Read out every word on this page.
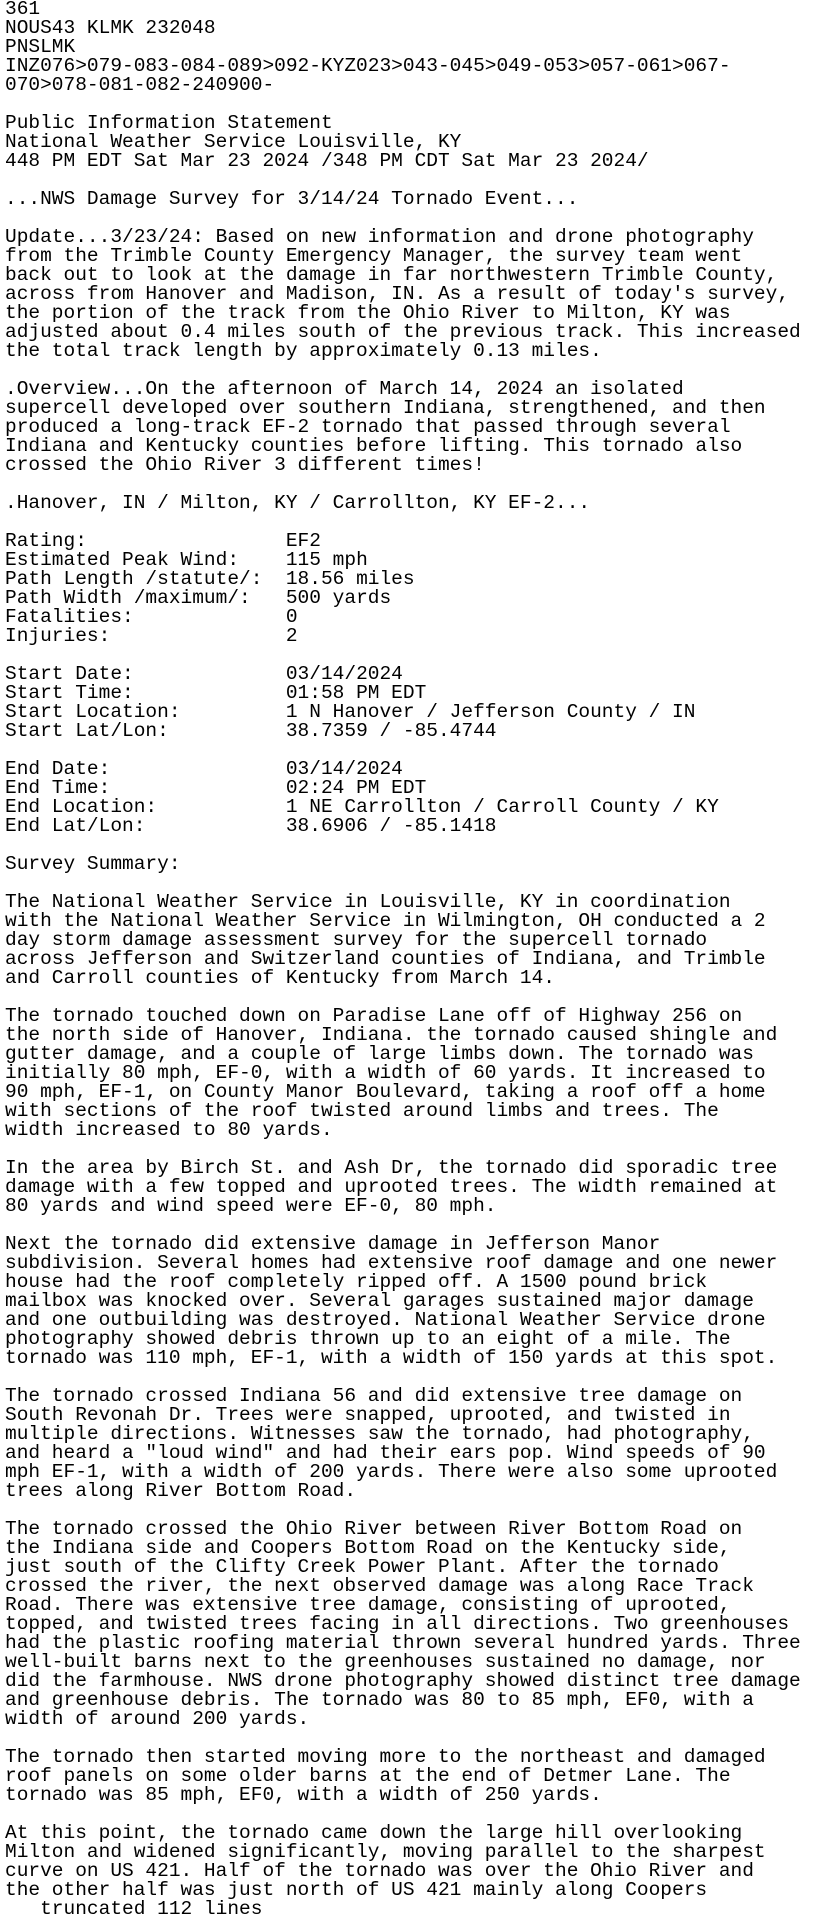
361
NOUS43 KLMK 232048
PNSLMK
INZ076>079-083-084-089>092-KYZ023>043-045>049-053>057-061>067-
070>078-081-082-240900-
Public Information Statement
National Weather Service Louisville, KY
448 PM EDT Sat Mar 23 2024 /348 PM CDT Sat Mar 23 2024/
...NWS Damage Survey for 3/14/24 Tornado Event...
Update...3/23/24: Based on new information and drone photography
from the Trimble County Emergency Manager, the survey team went
back out to look at the damage in far northwestern Trimble County,
across from Hanover and Madison, IN. As a result of today's survey,
the portion of the track from the Ohio River to Milton, KY was
adjusted about 0.4 miles south of the previous track. This increased
the total track length by approximately 0.13 miles.
.Overview...On the afternoon of March 14, 2024 an isolated
supercell developed over southern Indiana, strengthened, and then
produced a long-track EF-2 tornado that passed through several
Indiana and Kentucky counties before lifting. This tornado also
crossed the Ohio River 3 different times!
.Hanover, IN / Milton, KY / Carrollton, KY EF-2...
Rating:                 EF2
Estimated Peak Wind:    115 mph
Path Length /statute/:  18.56 miles
Path Width /maximum/:   500 yards
Fatalities:             0
Injuries:               2
Start Date:             03/14/2024
Start Time:             01:58 PM EDT
Start Location:         1 N Hanover / Jefferson County / IN
Start Lat/Lon:          38.7359 / -85.4744
End Date:               03/14/2024
End Time:               02:24 PM EDT
End Location:           1 NE Carrollton / Carroll County / KY
End Lat/Lon:            38.6906 / -85.1418
Survey Summary:
The National Weather Service in Louisville, KY in coordination
with the National Weather Service in Wilmington, OH conducted a 2
day storm damage assessment survey for the supercell tornado
across Jefferson and Switzerland counties of Indiana, and Trimble
and Carroll counties of Kentucky from March 14.
The tornado touched down on Paradise Lane off of Highway 256 on
the north side of Hanover, Indiana. the tornado caused shingle and
gutter damage, and a couple of large limbs down. The tornado was
initially 80 mph, EF-0, with a width of 60 yards. It increased to
90 mph, EF-1, on County Manor Boulevard, taking a roof off a home
with sections of the roof twisted around limbs and trees. The
width increased to 80 yards.
In the area by Birch St. and Ash Dr, the tornado did sporadic tree
damage with a few topped and uprooted trees. The width remained at
80 yards and wind speed were EF-0, 80 mph.
Next the tornado did extensive damage in Jefferson Manor
subdivision. Several homes had extensive roof damage and one newer
house had the roof completely ripped off. A 1500 pound brick
mailbox was knocked over. Several garages sustained major damage
and one outbuilding was destroyed. National Weather Service drone
photography showed debris thrown up to an eight of a mile. The
tornado was 110 mph, EF-1, with a width of 150 yards at this spot.
The tornado crossed Indiana 56 and did extensive tree damage on
South Revonah Dr. Trees were snapped, uprooted, and twisted in
multiple directions. Witnesses saw the tornado, had photography,
and heard a "loud wind" and had their ears pop. Wind speeds of 90
mph EF-1, with a width of 200 yards. There were also some uprooted
trees along River Bottom Road.
The tornado crossed the Ohio River between River Bottom Road on
the Indiana side and Coopers Bottom Road on the Kentucky side,
just south of the Clifty Creek Power Plant. After the tornado
crossed the river, the next observed damage was along Race Track
Road. There was extensive tree damage, consisting of uprooted,
topped, and twisted trees facing in all directions. Two greenhouses
had the plastic roofing material thrown several hundred yards. Three
well-built barns next to the greenhouses sustained no damage, nor
did the farmhouse. NWS drone photography showed distinct tree damage
and greenhouse debris. The tornado was 80 to 85 mph, EF0, with a
width of around 200 yards.
The tornado then started moving more to the northeast and damaged
roof panels on some older barns at the end of Detmer Lane. The
tornado was 85 mph, EF0, with a width of 250 yards.
At this point, the tornado came down the large hill overlooking
Milton and widened significantly, moving parallel to the sharpest
curve on US 421. Half of the tornado was over the Ohio River and
the other half was just north of US 421 mainly along Coopers
truncated 112 lines
